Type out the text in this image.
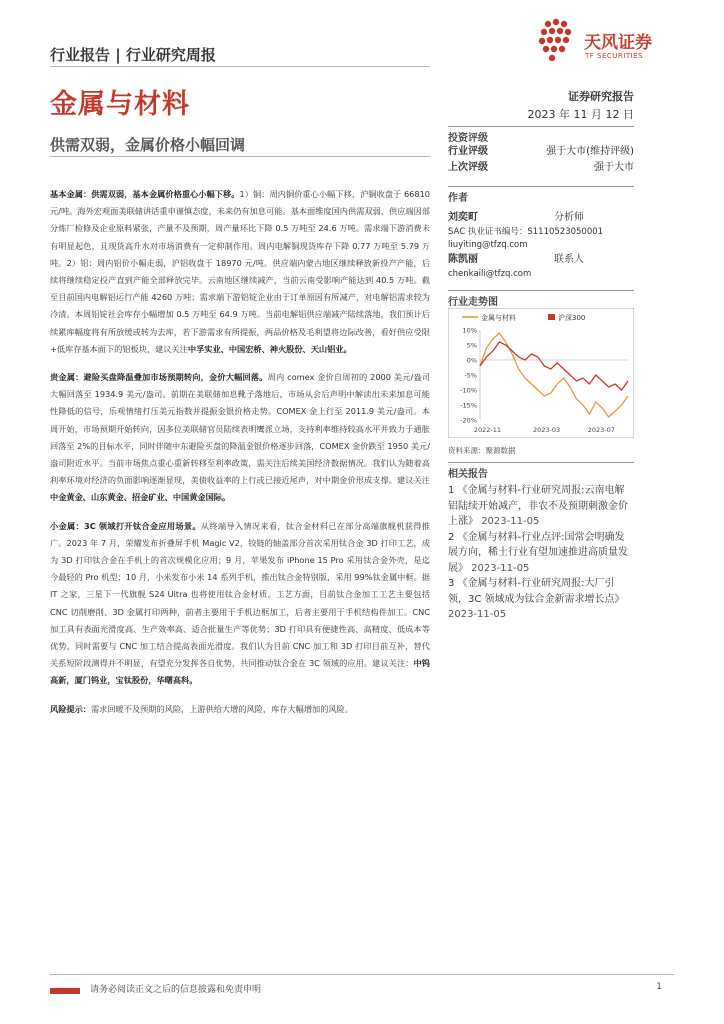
行业报告 | 行业研究周报
金属与材料
天风证券
TF SECURITIES
证券研究报告
2023 年 11 月 12 日
供需双弱，金属价格小幅回调

基本金属：供需双弱，基本金属价格重心小幅下移。1）铜：周内铜价重心小幅下移，沪铜收盘于 66810 元/吨。海外宏观面美联储讲话重申谨慎态度，未来仍有加息可能。基本面维度国内供需双弱，供应端因部分炼厂检修及企业原料紧张，产量不及预期，周产量环比下降 0.5 万吨至 24.6 万吨。需求端下游消费未有明显起色，且现货高升水对市场消费有一定抑制作用。周内电解铜现货库存下降 0.77 万吨至 5.79 万吨。2）铝：周内铝价小幅走弱，沪铝收盘于 18970 元/吨。供应端内蒙古地区继续释放新投产产能，后续将继续稳定投产直到产能全部释放完毕。云南地区继续减产，当前云南受影响产能达到 40.5 万吨。截至目前国内电解铝运行产能 4260 万吨；需求端下游铝锭企业由于订单原因有所减产，对电解铝需求较为冷清。本周铝锭社会库存小幅增加 0.5 万吨至 64.9 万吨。当前电解铝供应端减产陆续落地，我们预计后续累库幅度将有所放缓或转为去库，若下游需求有所提振，两品价格及毛利望将边际改善，看好供应受限+低库存基本面下的铝板块，建议关注中孚实业、中国宏桥、神火股份、天山铝业。

贵金属：避险买盘降温叠加市场预期转向，金价大幅回落。周内 comex 金价自周初的 2000 美元/盎司大幅回落至 1934.9 美元/盎司。前期在美联储加息靴子落地后，市场从会后声明中解读出未来加息可能性降低的信号，乐观情绪打压美元指数并提振金银价格走势。COMEX 金上行至 2011.9 美元/盎司。本周开始，市场预期开始转向，因多位美联储官员陆续表明鹰派立场，支持利率维持较高水平并致力于通胀回落至 2%的目标水平，同时伴随中东避险买盘的降温金银价格逐步回落，COMEX 金价跌至 1950 美元/盎司附近水平。当前市场焦点重心重新转移至利率政策，需关注后续美国经济数据情况。我们认为随着高利率环境对经济的负面影响逐渐显现，美债收益率的上行或已接近尾声，对中期金价形成支撑。建议关注中金黄金、山东黄金、招金矿业、中国黄金国际。

小金属：3C 领域打开钛合金应用场景。从终端导入情况来看，钛合金材料已在部分高端旗舰机获得推广。2023 年 7 月，荣耀发布折叠屏手机 Magic V2，铰链的轴盖部分首次采用钛合金 3D 打印工艺，成为 3D 打印钛合金在手机上的首次规模化应用；9 月，苹果发布 iPhone 15 Pro 采用钛合金外壳，是迄今最轻的 Pro 机型；10 月，小米发布小米 14 系列手机，推出钛合金特别版，采用 99%钛金属中框。据 IT 之家，三星下一代旗舰 S24 Ultra 也将使用钛合金材质。工艺方面，目前钛合金加工工艺主要包括 CNC 切削磨削、3D 金属打印两种，前者主要用于手机边框加工，后者主要用于手机结构件加工。CNC 加工具有表面光滑度高、生产效率高、适合批量生产等优势；3D 打印具有便捷性高、高精度、低成本等优势，同时需要与 CNC 加工结合提高表面光滑度。我们认为目前 CNC 加工和 3D 打印目前互补，替代关系短阶段测得并不明显，有望充分发挥各自优势，共同推动钛合金在 3C 领域的应用。建议关注：中钨高新，厦门钨业，宝钛股份，华曙高科。

风险提示：需求回暖不及预期的风险，上游供给大增的风险，库存大幅增加的风险。

投资评级
行业评级	强于大市(维持评级)
上次评级	强于大市
作者
刘奕町	分析师
SAC 执业证书编号：S1110523050001
liuyiting@tfzq.com
陈凯丽	联系人
chenkaili@tfzq.com
行业走势图
金属与材料	沪深300
10%
5%
0%
-5%
-10%
-15%
-20%
2022-11	2023-03	2023-07
资料来源：聚源数据
相关报告
1 《金属与材料-行业研究周报:云南电解铝陆续开始减产，非农不及预期刺激金价上涨》 2023-11-05
2 《金属与材料-行业点评:国常会明确发展方向，稀土行业有望加速推进高质量发展》 2023-11-05
3 《金属与材料-行业研究周报:大厂引领，3C 领域成为钛合金新需求增长点》 2023-11-05
请务必阅读正文之后的信息披露和免责申明	1
